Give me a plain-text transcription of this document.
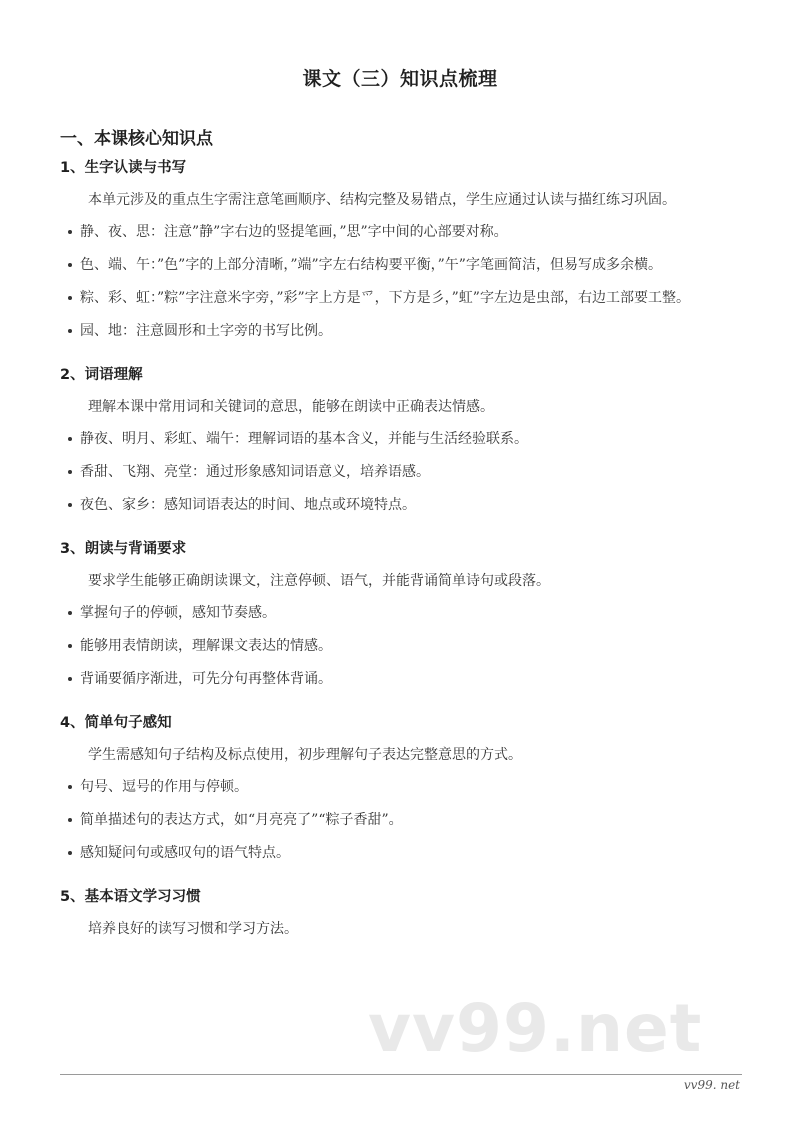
课文（三）知识点梳理
一、本课核心知识点
1、生字认读与书写

本单元涉及的重点生字需注意笔画顺序、结构完整及易错点，学生应通过认读与描红练习巩固。

静、夜、思：注意”静”字右边的竖提笔画，”思”字中间的心部要对称。
色、端、午：”色”字的上部分清晰，”端”字左右结构要平衡，”午”字笔画简洁，但易写成多余横。
粽、彩、虹：”粽”字注意米字旁，”彩”字上方是爫，下方是彡，”虹”字左边是虫部，右边工部要工整。
园、地：注意圆形和土字旁的书写比例。
2、词语理解

理解本课中常用词和关键词的意思，能够在朗读中正确表达情感。

静夜、明月、彩虹、端午：理解词语的基本含义，并能与生活经验联系。
香甜、飞翔、亮堂：通过形象感知词语意义，培养语感。
夜色、家乡：感知词语表达的时间、地点或环境特点。
3、朗读与背诵要求

要求学生能够正确朗读课文，注意停顿、语气，并能背诵简单诗句或段落。

掌握句子的停顿，感知节奏感。
能够用表情朗读，理解课文表达的情感。
背诵要循序渐进，可先分句再整体背诵。
4、简单句子感知

学生需感知句子结构及标点使用，初步理解句子表达完整意思的方式。

句号、逗号的作用与停顿。
简单描述句的表达方式，如“月亮亮了”“粽子香甜”。
感知疑问句或感叹句的语气特点。
5、基本语文学习习惯

培养良好的读写习惯和学习方法。

vv99.net
vv99. net
